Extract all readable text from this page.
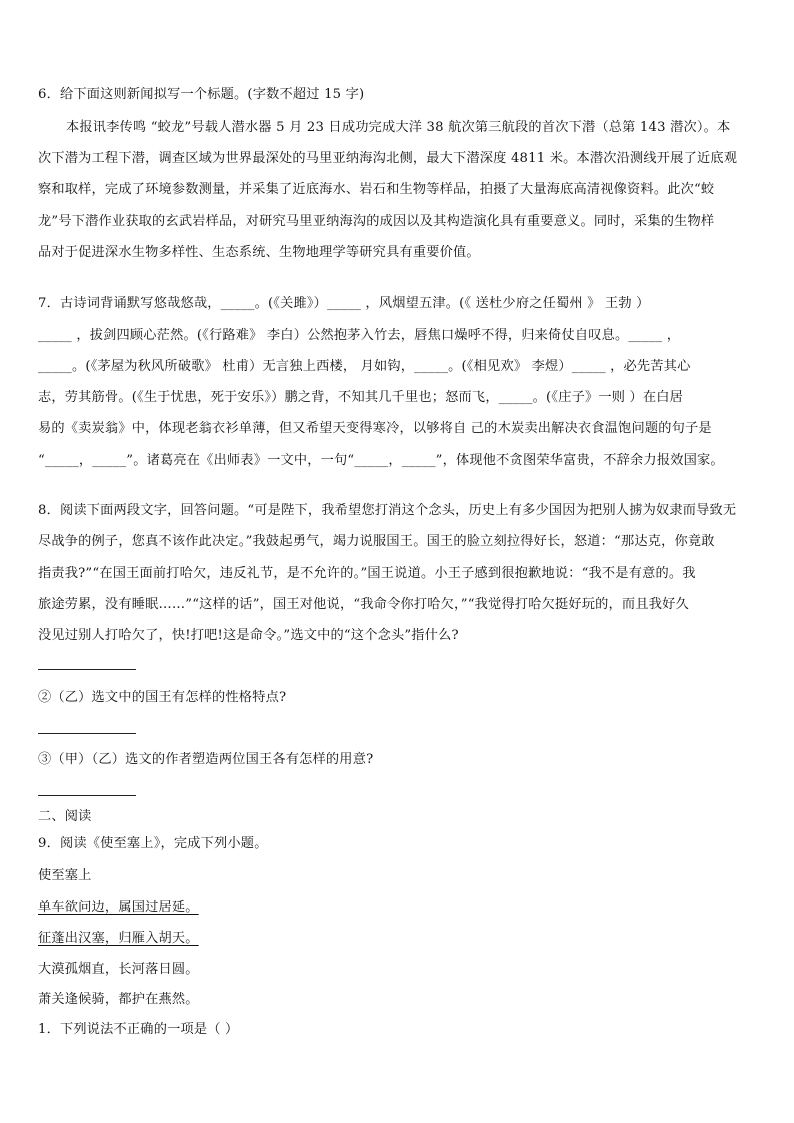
6．给下面这则新闻拟写一个标题。(字数不超过 15 字)
本报讯李传鸣 “蛟龙”号载人潜水器 5 月 23 日成功完成大洋 38 航次第三航段的首次下潜（总第 143 潜次）。本
次下潜为工程下潜，调查区域为世界最深处的马里亚纳海沟北侧，最大下潜深度 4811 米。本潜次沿测线开展了近底观
察和取样，完成了环境参数测量，并采集了近底海水、岩石和生物等样品，拍摄了大量海底高清视像资料。此次“蛟
龙”号下潜作业获取的玄武岩样品，对研究马里亚纳海沟的成因以及其构造演化具有重要意义。同时，采集的生物样
品对于促进深水生物多样性、生态系统、生物地理学等研究具有重要价值。
7．古诗词背诵默写悠哉悠哉，_____。(《关雎》）_____ ，风烟望五津。(《 送杜少府之任蜀州 》 王勃 ）
_____ ，拔剑四顾心茫然。(《行路难》 李白）公然抱茅入竹去，唇焦口燥呼不得，归来倚仗自叹息。_____ ，
_____。(《茅屋为秋风所破歌》 杜甫）无言独上西楼， 月如钩，_____。(《相见欢》 李煜）_____ ，必先苦其心
志，劳其筋骨。(《生于忧患，死于安乐》）鹏之背，不知其几千里也；怒而飞，_____。(《庄子》一则 ）在白居
易的《卖炭翁》中，体现老翁衣衫单薄，但又希望天变得寒冷，以够将自 己的木炭卖出解决衣食温饱问题的句子是
“_____，_____”。诸葛亮在《出师表》一文中，一句“_____，_____”，体现他不贪图荣华富贵，不辞余力报效国家。
8．阅读下面两段文字，回答问题。“可是陛下，我希望您打消这个念头，历史上有多少国因为把别人掳为奴隶而导致无
尽战争的例子，您真不该作此决定。”我鼓起勇气，竭力说服国王。国王的脸立刻拉得好长，怒道：“那达克，你竟敢
指责我?”“在国王面前打哈欠，违反礼节，是不允许的。”国王说道。小王子感到很抱歉地说：“我不是有意的。我
旅途劳累，没有睡眠……”“这样的话”，国王对他说，“我命令你打哈欠，”“我觉得打哈欠挺好玩的，而且我好久
没见过别人打哈欠了，快!打吧!这是命令。”选文中的“这个念头”指什么?
②（乙）选文中的国王有怎样的性格特点?
③（甲）（乙）选文的作者塑造两位国王各有怎样的用意?
二、阅读
9．阅读《使至塞上》，完成下列小题。
使至塞上
单车欲问边，属国过居延。
征蓬出汉塞，归雁入胡天。
大漠孤烟直，长河落日圆。
萧关逢候骑，都护在燕然。
1．下列说法不正确的一项是（ ）
